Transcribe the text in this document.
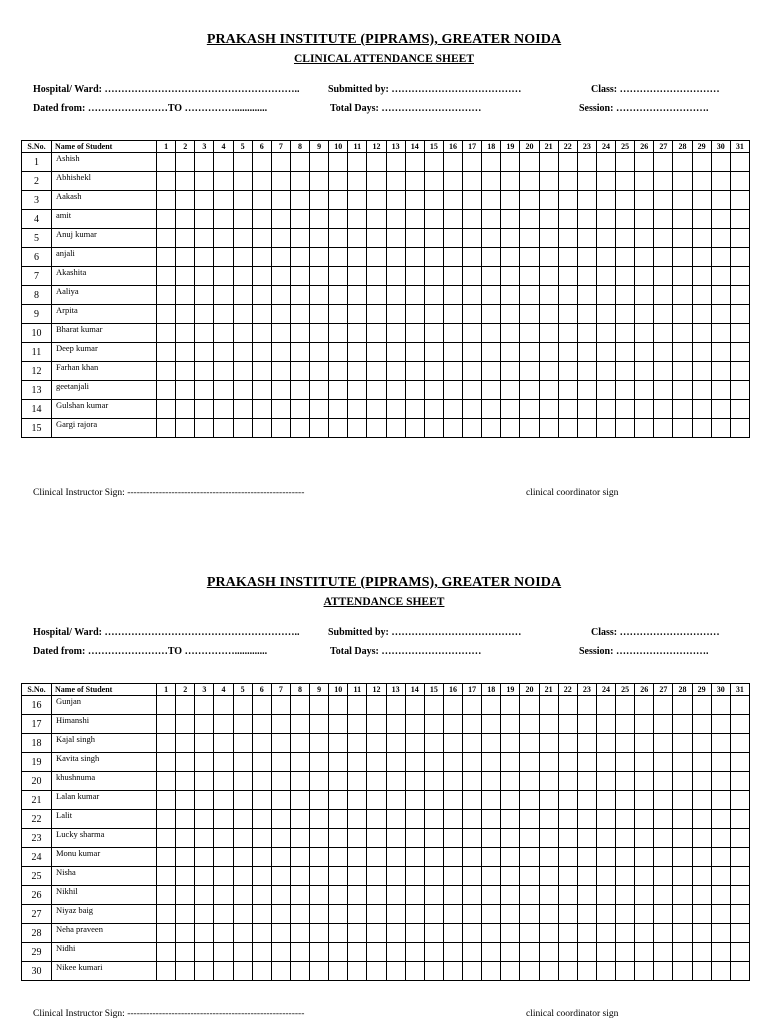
PRAKASH INSTITUTE (PIPRAMS), GREATER NOIDA
CLINICAL ATTENDANCE SHEET
Hospital/ Ward: …………………………………………………..	Submitted by: …………………………………	Class: …………………………
Dated from: ……………………TO …………….............	Total Days: …………………………	Session: ……………………….
S.No.	Name of Student	1	2	3	4	5	6	7	8	9	10	11	12	13	14	15	16	17	18	19	20	21	22	23	24	25	26	27	28	29	30	31
1	Ashish																															
2	Abhishekl																															
3	Aakash																															
4	amit																															
5	Anuj kumar																															
6	anjali																															
7	Akashita																															
8	Aaliya																															
9	Arpita																															
10	Bharat kumar																															
11	Deep kumar																															
12	Farhan khan																															
13	geetanjali																															
14	Gulshan kumar																															
15	Gargi rajora																															
Clinical Instructor Sign: --------------------------------------------------------	clinical coordinator sign
PRAKASH INSTITUTE (PIPRAMS), GREATER NOIDA
ATTENDANCE SHEET
Hospital/ Ward: …………………………………………………..	Submitted by: …………………………………	Class: …………………………
Dated from: ……………………TO …………….............	Total Days: …………………………	Session: ……………………….
S.No.	Name of Student	1	2	3	4	5	6	7	8	9	10	11	12	13	14	15	16	17	18	19	20	21	22	23	24	25	26	27	28	29	30	31
16	Gunjan																															
17	Himanshi																															
18	Kajal singh																															
19	Kavita singh																															
20	khushnuma																															
21	Lalan kumar																															
22	Lalit																															
23	Lucky sharma																															
24	Monu kumar																															
25	Nisha																															
26	Nikhil																															
27	Niyaz baig																															
28	Neha praveen																															
29	Nidhi																															
30	Nikee kumari																															
Clinical Instructor Sign: --------------------------------------------------------	clinical coordinator sign
